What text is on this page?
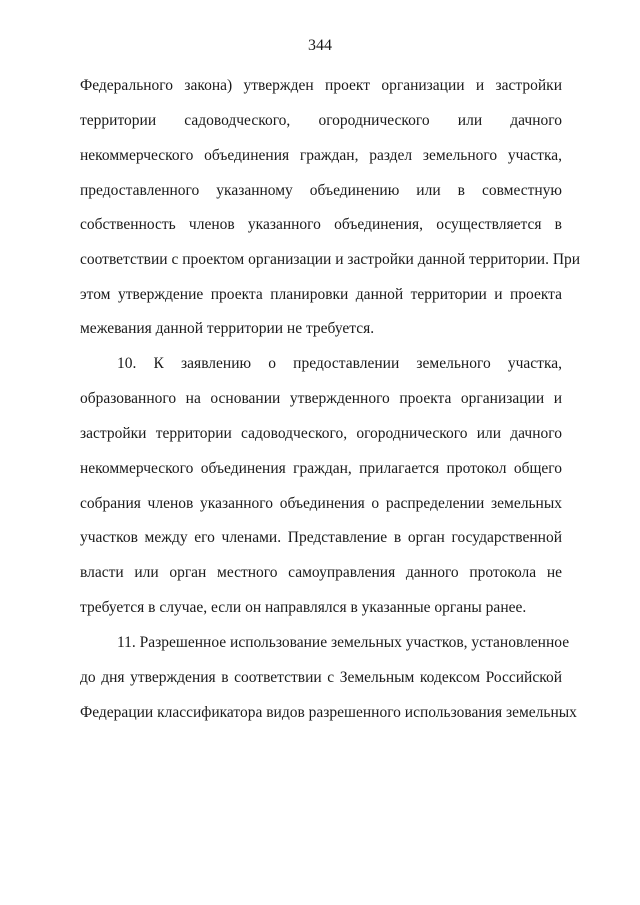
344
Федерального закона) утвержден проект организации и застройки
территории садоводческого, огороднического или дачного
некоммерческого объединения граждан, раздел земельного участка,
предоставленного указанному объединению или в совместную
собственность членов указанного объединения, осуществляется в
соответствии с проектом организации и застройки данной территории. При
этом утверждение проекта планировки данной территории и проекта
межевания данной территории не требуется.
10. К заявлению о предоставлении земельного участка,
образованного на основании утвержденного проекта организации и
застройки территории садоводческого, огороднического или дачного
некоммерческого объединения граждан, прилагается протокол общего
собрания членов указанного объединения о распределении земельных
участков между его членами. Представление в орган государственной
власти или орган местного самоуправления данного протокола не
требуется в случае, если он направлялся в указанные органы ранее.
11. Разрешенное использование земельных участков, установленное
до дня утверждения в соответствии с Земельным кодексом Российской
Федерации классификатора видов разрешенного использования земельных
